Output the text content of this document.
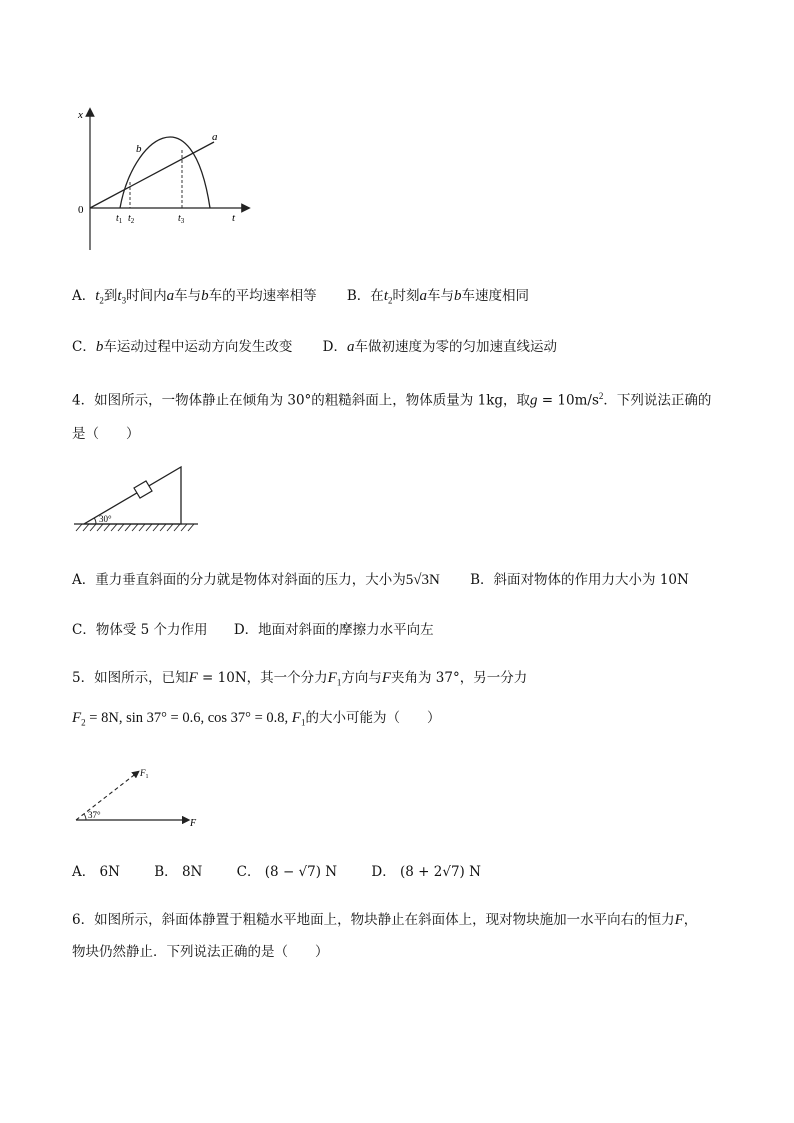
x
t
0
a
b
$t_1$ $t_2$	$t_3$
A．$t_2$到$t_3$时间内a车与b车的平均速率相等 B．在$t_2$时刻a车与b车速度相同
C．b车运动过程中运动方向发生改变 D．a车做初速度为零的匀加速直线运动
4．如图所示，一物体静止在倾角为 30°的粗糙斜面上，物体质量为 1kg，取$g = 10m/s^2$．下列说法正确的
是（　　）
30°
A．重力垂直斜面的分力就是物体对斜面的压力，大小为5√3N B．斜面对物体的作用力大小为 10N
C．物体受 5 个力作用 D．地面对斜面的摩擦力水平向左
5．如图所示，已知F = 10N，其一个分力$F_1$方向与F夹角为 37°，另一分力
$F_2 = 8N$, sin 37° = 0.6, cos 37° = 0.8, $F_1$的大小可能为（　　）
37°
$F_1$
F
A． 6N	B． 8N	C． (8 − √7) N	D． (8 + 2√7) N
6．如图所示，斜面体静置于粗糙水平地面上，物块静止在斜面体上，现对物块施加一水平向右的恒力F，
物块仍然静止．下列说法正确的是（　　）
